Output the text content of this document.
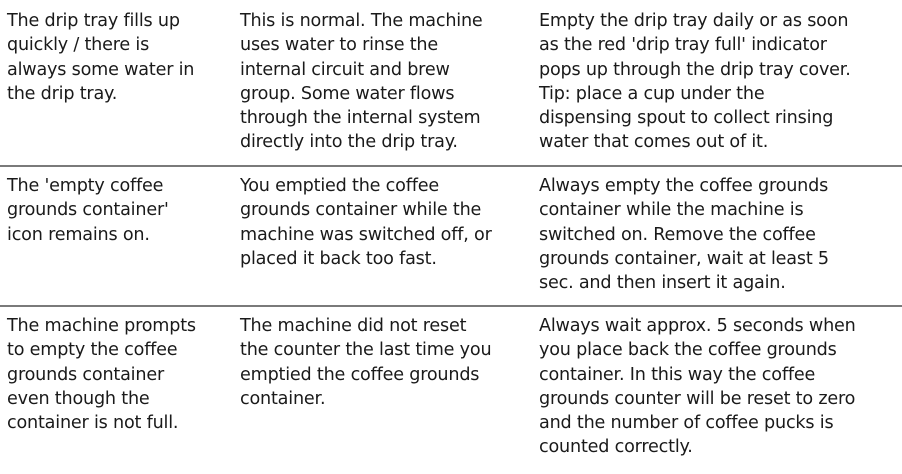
The drip tray fills up
quickly / there is
always some water in
the drip tray.
This is normal. The machine
uses water to rinse the
internal circuit and brew
group. Some water flows
through the internal system
directly into the drip tray.
Empty the drip tray daily or as soon
as the red 'drip tray full' indicator
pops up through the drip tray cover.
Tip: place a cup under the
dispensing spout to collect rinsing
water that comes out of it.
The 'empty coffee
grounds container'
icon remains on.
You emptied the coffee
grounds container while the
machine was switched off, or
placed it back too fast.
Always empty the coffee grounds
container while the machine is
switched on. Remove the coffee
grounds container, wait at least 5
sec. and then insert it again.
The machine prompts
to empty the coffee
grounds container
even though the
container is not full.
The machine did not reset
the counter the last time you
emptied the coffee grounds
container.
Always wait approx. 5 seconds when
you place back the coffee grounds
container. In this way the coffee
grounds counter will be reset to zero
and the number of coffee pucks is
counted correctly.
